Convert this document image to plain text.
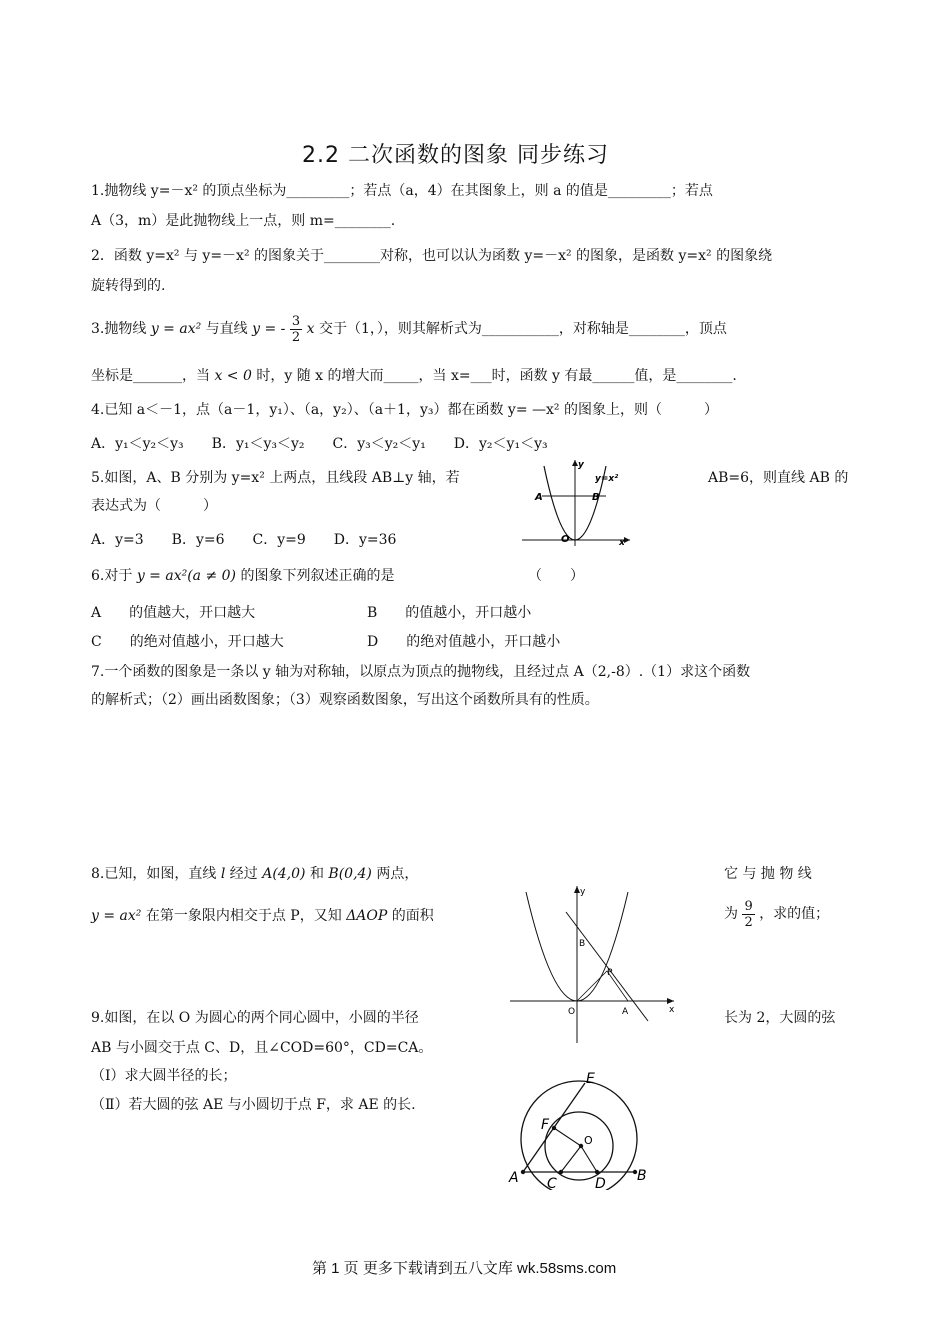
2.2 二次函数的图象 同步练习
1.抛物线 y=－x² 的顶点坐标为_________；若点（a，4）在其图象上，则 a 的值是_________；若点
A（3，m）是此抛物线上一点，则 m=________.
2．函数 y=x² 与 y=－x² 的图象关于________对称，也可以认为函数 y=－x² 的图象，是函数 y=x² 的图象绕
旋转得到的.
3.抛物线 y = ax² 与直线 y = - $\frac{3}{2}$ x 交于（1，），则其解析式为___________，对称轴是________，顶点
坐标是_______，当 x < 0 时，y 随 x 的增大而_____，当 x=___时，函数 y 有最______值，是________.
4.已知 a＜－1，点（a－1，y₁）、（a，y₂）、（a＋1，y₃）都在函数 y= —x² 的图象上，则（　　　）
A．y₁＜y₂＜y₃　　B．y₁＜y₃＜y₂　　C．y₃＜y₂＜y₁　　D．y₂＜y₁＜y₃
5.如图，A、B 分别为 y=x² 上两点，且线段 AB⊥y 轴，若	AB=6，则直线 AB 的
表达式为（　　　）
A．y=3　　B．y=6　　C．y=9　　D．y=36
y=x²
A	B
O	x
y
6.对于 y = ax²(a ≠ 0) 的图象下列叙述正确的是	（　　）
A　　的值越大，开口越大	B　　的值越小，开口越小
C　　的绝对值越小，开口越大	D　　的绝对值越小，开口越小
7.一个函数的图象是一条以 y 轴为对称轴，以原点为顶点的抛物线，且经过点 A（2,-8）.（1）求这个函数
的解析式；（2）画出函数图象；（3）观察函数图象，写出这个函数所具有的性质。
8.已知，如图，直线 l 经过 A(4,0) 和 B(0,4) 两点，	它 与 抛 物 线
y = ax² 在第一象限内相交于点 P，又知 ΔAOP 的面积	为 $\frac{9}{2}$ ，求的值；
y
x
B
P
O	A
9.如图，在以 O 为圆心的两个同心圆中，小圆的半径	长为 2，大圆的弦
AB 与小圆交于点 C、D，且∠COD=60°，CD=CA。
（Ⅰ）求大圆半径的长；
（Ⅱ）若大圆的弦 AE 与小圆切于点 F，求 AE 的长.
E
F
O
A C	D B
第 1 页 更多下载请到五八文库 wk.58sms.com
